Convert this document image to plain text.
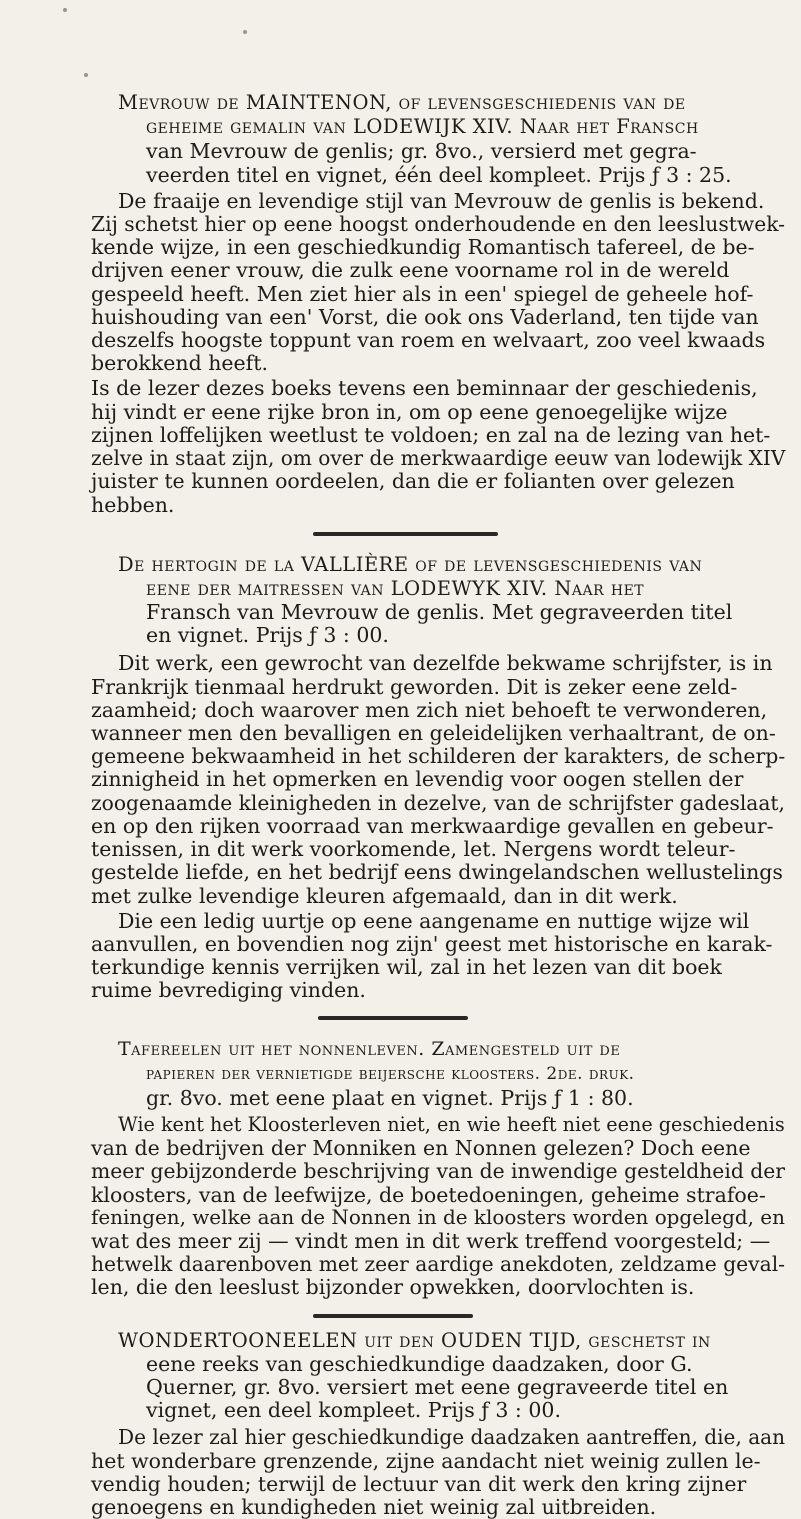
Mevrouw de MAINTENON, of levensgeschiedenis van de
geheime gemalin van LODEWIJK XIV. Naar het Fransch
van Mevrouw de genlis; gr. 8vo., versierd met gegra-
veerden titel en vignet, één deel kompleet. Prijs ƒ 3 : 25.
De fraaije en levendige stijl van Mevrouw de genlis is bekend.
Zij schetst hier op eene hoogst onderhoudende en den leeslustwek-
kende wijze, in een geschiedkundig Romantisch tafereel, de be-
drijven eener vrouw, die zulk eene voorname rol in de wereld
gespeeld heeft. Men ziet hier als in een' spiegel de geheele hof-
huishouding van een' Vorst, die ook ons Vaderland, ten tijde van
deszelfs hoogste toppunt van roem en welvaart, zoo veel kwaads
berokkend heeft.
Is de lezer dezes boeks tevens een beminnaar der geschiedenis,
hij vindt er eene rijke bron in, om op eene genoegelijke wijze
zijnen loffelijken weetlust te voldoen; en zal na de lezing van het-
zelve in staat zijn, om over de merkwaardige eeuw van lodewijk XIV
juister te kunnen oordeelen, dan die er folianten over gelezen
hebben.
De hertogin de la VALLIÈRE of de levensgeschiedenis van
eene der maitressen van LODEWYK XIV. Naar het
Fransch van Mevrouw de genlis. Met gegraveerden titel
en vignet. Prijs ƒ 3 : 00.
Dit werk, een gewrocht van dezelfde bekwame schrijfster, is in
Frankrijk tienmaal herdrukt geworden. Dit is zeker eene zeld-
zaamheid; doch waarover men zich niet behoeft te verwonderen,
wanneer men den bevalligen en geleidelijken verhaaltrant, de on-
gemeene bekwaamheid in het schilderen der karakters, de scherp-
zinnigheid in het opmerken en levendig voor oogen stellen der
zoogenaamde kleinigheden in dezelve, van de schrijfster gadeslaat,
en op den rijken voorraad van merkwaardige gevallen en gebeur-
tenissen, in dit werk voorkomende, let. Nergens wordt teleur-
gestelde liefde, en het bedrijf eens dwingelandschen wellustelings
met zulke levendige kleuren afgemaald, dan in dit werk.
Die een ledig uurtje op eene aangename en nuttige wijze wil
aanvullen, en bovendien nog zijn' geest met historische en karak-
terkundige kennis verrijken wil, zal in het lezen van dit boek
ruime bevrediging vinden.
Tafereelen uit het nonnenleven. Zamengesteld uit de
papieren der vernietigde beijersche kloosters. 2de. druk.
gr. 8vo. met eene plaat en vignet. Prijs ƒ 1 : 80.
Wie kent het Kloosterleven niet, en wie heeft niet eene geschiedenis
van de bedrijven der Monniken en Nonnen gelezen? Doch eene
meer gebijzonderde beschrijving van de inwendige gesteldheid der
kloosters, van de leefwijze, de boetedoeningen, geheime strafoe-
feningen, welke aan de Nonnen in de kloosters worden opgelegd, en
wat des meer zij — vindt men in dit werk treffend voorgesteld; —
hetwelk daarenboven met zeer aardige anekdoten, zeldzame geval-
len, die den leeslust bijzonder opwekken, doorvlochten is.
WONDERTOONEELEN uit den OUDEN TIJD, geschetst in
eene reeks van geschiedkundige daadzaken, door G.
Querner, gr. 8vo. versiert met eene gegraveerde titel en
vignet, een deel kompleet. Prijs ƒ 3 : 00.
De lezer zal hier geschiedkundige daadzaken aantreffen, die, aan
het wonderbare grenzende, zijne aandacht niet weinig zullen le-
vendig houden; terwijl de lectuur van dit werk den kring zijner
genoegens en kundigheden niet weinig zal uitbreiden.
